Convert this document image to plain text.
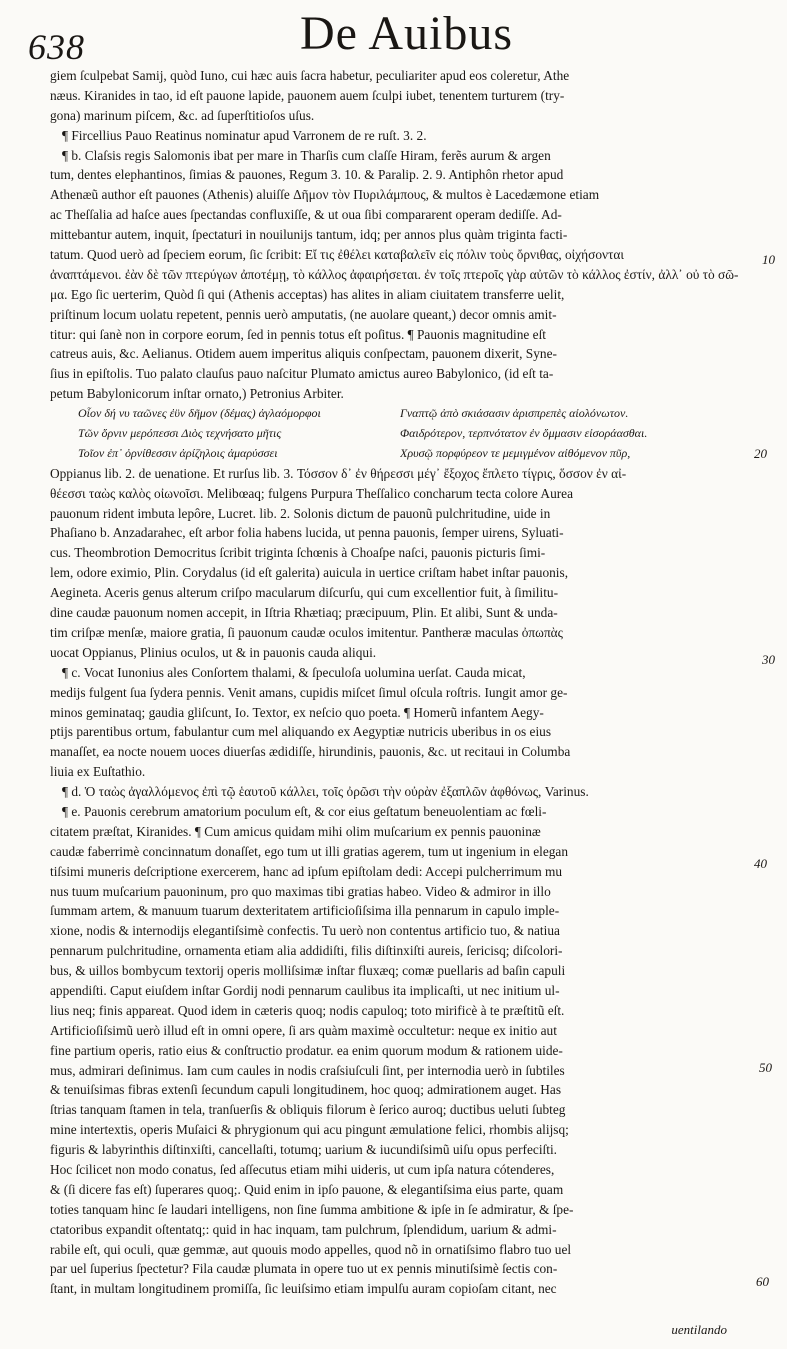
638	De Auibus
giem ſculpebat Samij, quòd Iuno, cui hæc auis ſacra habetur, peculiariter apud eos coleretur, Athe
næus. Kiranides in tao, id eſt pauone lapide, pauonem auem ſculpi iubet, tenentem turturem (try-
gona) marinum piſcem, &c. ad ſuperſtitioſos uſus.
¶ Fircellius Pauo Reatinus nominatur apud Varronem de re ruſt. 3. 2.
¶ b. Claſsis regis Salomonis ibat per mare in Tharſis cum claſſe Hiram, ferẽs aurum & argen
tum, dentes elephantinos, ſimias & pauones, Regum 3. 10. & Paralip. 2. 9. Antiphôn rhetor apud
Athenæũ author eſt pauones (Athenis) aluiſſe Δῆμον τὸν Πυριλάμπους, & multos è Lacedæmone etiam
ac Theſſalia ad haſce aues ſpectandas confluxiſſe, & ut oua ſibi compararent operam dediſſe. Ad-
mittebantur autem, inquit, ſpectaturi in nouilunijs tantum, idq; per annos plus quàm triginta facti-
tatum. Quod uerò ad ſpeciem eorum, ſic ſcribit: Εἴ τις ἐθέλει καταβαλεῖν εἰς πόλιν τοὺς ὄρνιθας, οἰχήσονται
ἀναπτάμενοι. ἐὰν δὲ τῶν πτερύγων ἀποτέμῃ, τὸ κάλλος ἀφαιρήσεται. ἐν τοῖς πτεροῖς γὰρ αὐτῶν τὸ κάλλος ἐστίν, ἀλλ᾽ οὐ τὸ σῶ-
μα. Ego ſic uerterim, Quòd ſi qui (Athenis acceptas) has alites in aliam ciuitatem transferre uelit,
priſtinum locum uolatu repetent, pennis uerò amputatis, (ne auolare queant,) decor omnis amit-
titur: qui ſanè non in corpore eorum, ſed in pennis totus eſt poſitus. ¶ Pauonis magnitudine eſt
catreus auis, &c. Aelianus. Otidem auem imperitus aliquis conſpectam, pauonem dixerit, Syne-
ſius in epiſtolis. Tuo palato clauſus pauo naſcitur Plumato amictus aureo Babylonico, (id eſt ta-
petum Babylonicorum inſtar ornato,) Petronius Arbiter.
Οἷον δή νυ ταῶνες ἐϋν δῆμον (δέμας) ἀγλαόμορφοι	Γναπτῷ ἀπὸ σκιάσασιν ἀρισπρεπὲς αἰολόνωτον.
Τῶν ὄρνιν μερόπεσσι Διὸς τεχνήσατο μῆτις	Φαιδρότερον, τερπνότατον ἐν ὄμμασιν εἰσοράασθαι.
Τοῖον ἐπ᾽ ὀρνίθεσσιν ἀρίζηλοις ἀμαρύσσει	Χρυσῷ πορφύρεον τε μεμιγμένον αἰθόμενον πῦρ,
Oppianus lib. 2. de uenatione. Et rurſus lib. 3. Τόσσον δ᾽ ἐν θήρεσσι μέγ᾽ ἔξοχος ἔπλετο τίγρις, ὅσσον ἐν αἰ-
θέεσσι ταὼς καλὸς οἰωνοῖσι. Melibœaq; fulgens Purpura Theſſalico concharum tecta colore Aurea
pauonum rident imbuta lepôre, Lucret. lib. 2. Solonis dictum de pauonũ pulchritudine, uide in
Phaſiano b. Anzadarahec, eſt arbor folia habens lucida, ut penna pauonis, ſemper uirens, Syluati-
cus. Theombrotion Democritus ſcribit triginta ſchœnis à Choaſpe naſci, pauonis picturis ſimi-
lem, odore eximio, Plin. Corydalus (id eſt galerita) auicula in uertice criſtam habet inſtar pauonis,
Aegineta. Aceris genus alterum criſpo macularum diſcurſu, qui cum excellentior fuit, à ſimilitu-
dine caudæ pauonum nomen accepit, in Iſtria Rhætiaq; præcipuum, Plin. Et alibi, Sunt & unda-
tim criſpæ menſæ, maiore gratia, ſi pauonum caudæ oculos imitentur. Pantheræ maculas ὀπωπὰς
uocat Oppianus, Plinius oculos, ut & in pauonis cauda aliqui.
¶ c. Vocat Iunonius ales Conſortem thalami, & ſpeculoſa uolumina uerſat. Cauda micat,
medijs fulgent ſua ſydera pennis. Venit amans, cupidis miſcet ſimul oſcula roſtris. Iungit amor ge-
minos geminataq; gaudia gliſcunt, Io. Textor, ex neſcio quo poeta. ¶ Homerũ infantem Aegy-
ptijs parentibus ortum, fabulantur cum mel aliquando ex Aegyptiæ nutricis uberibus in os eius
manaſſet, ea nocte nouem uoces diuerſas ædidiſſe, hirundinis, pauonis, &c. ut recitaui in Columba
liuia ex Euſtathio.
¶ d. Ὁ ταὼς ἀγαλλόμενος ἐπὶ τῷ ἑαυτοῦ κάλλει, τοῖς ὀρῶσι τὴν οὐρὰν ἐξαπλῶν ἀφθόνως, Varinus.
¶ e. Pauonis cerebrum amatorium poculum eſt, & cor eius geſtatum beneuolentiam ac fœli-
citatem præſtat, Kiranides. ¶ Cum amicus quidam mihi olim muſcarium ex pennis pauoninæ
caudæ faberrimè concinnatum donaſſet, ego tum ut illi gratias agerem, tum ut ingenium in elegan
tiſsimi muneris deſcriptione exercerem, hanc ad ipſum epiſtolam dedi: Accepi pulcherrimum mu
nus tuum muſcarium pauoninum, pro quo maximas tibi gratias habeo. Video & admiror in illo
ſummam artem, & manuum tuarum dexteritatem artificioſiſsima illa pennarum in capulo imple-
xione, nodis & internodijs elegantiſsimè confectis. Tu uerò non contentus artificio tuo, & natiua
pennarum pulchritudine, ornamenta etiam alia addidiſti, filis diſtinxiſti aureis, ſericisq; diſcolori-
bus, & uillos bombycum textorij operis molliſsimæ inſtar fluxæq; comæ puellaris ad baſin capuli
appendiſti. Caput eiuſdem inſtar Gordij nodi pennarum caulibus ita implicaſti, ut nec initium ul-
lius neq; finis appareat. Quod idem in cæteris quoq; nodis capuloq; toto mirificè à te præſtitũ eſt.
Artificioſiſsimũ uerò illud eſt in omni opere, ſi ars quàm maximè occultetur: neque ex initio aut
fine partium operis, ratio eius & conſtructio prodatur. ea enim quorum modum & rationem uide-
mus, admirari deſinimus. Iam cum caules in nodis craſsiuſculi ſint, per internodia uerò in ſubtiles
& tenuiſsimas fibras extenſi ſecundum capuli longitudinem, hoc quoq; admirationem auget. Has
ſtrias tanquam ſtamen in tela, tranſuerſis & obliquis filorum è ſerico auroq; ductibus ueluti ſubteg
mine intertextis, operis Muſaici & phrygionum qui acu pingunt æmulatione felici, rhombis alijsq;
figuris & labyrinthis diſtinxiſti, cancellaſti, totumq; uarium & iucundiſsimũ uiſu opus perfeciſti.
Hoc ſcilicet non modo conatus, ſed aſſecutus etiam mihi uideris, ut cum ipſa natura cótenderes,
& (ſi dicere fas eſt) ſuperares quoq;. Quid enim in ipſo pauone, & elegantiſsima eius parte, quam
toties tanquam hinc ſe laudari intelligens, non ſine ſumma ambitione & ipſe in ſe admiratur, & ſpe-
ctatoribus expandit oſtentatq;: quid in hac inquam, tam pulchrum, ſplendidum, uarium & admi-
rabile eſt, qui oculi, quæ gemmæ, aut quouis modo appelles, quod nõ in ornatiſsimo flabro tuo uel
par uel ſuperius ſpectetur? Fila caudæ plumata in opere tuo ut ex pennis minutiſsimè ſectis con-
ſtant, in multam longitudinem promiſſa, ſic leuiſsimo etiam impulſu auram copioſam citant, nec
10
20
30
40
50
60
uentilando
